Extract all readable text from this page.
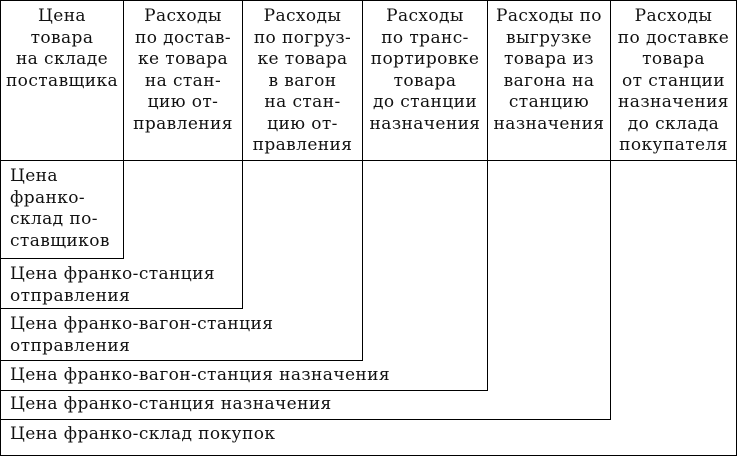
Цена
товара
на складе
поставщика
Расходы
по достав-
ке товара
на стан-
цию от-
правления
Расходы
по погруз-
ке товара
в вагон
на стан-
цию от-
правления
Расходы
по транс-
портировке
товара
до станции
назначения
Расходы по
выгрузке
товара из
вагона на
станцию
назначения
Расходы
по доставке
товара
от станции
назначения
до склада
покупателя
Цена
франко-
склад по-
ставщиков
Цена франко-станция
отправления
Цена франко-вагон-станция
отправления
Цена франко-вагон-станция назначения
Цена франко-станция назначения
Цена франко-склад покупок
